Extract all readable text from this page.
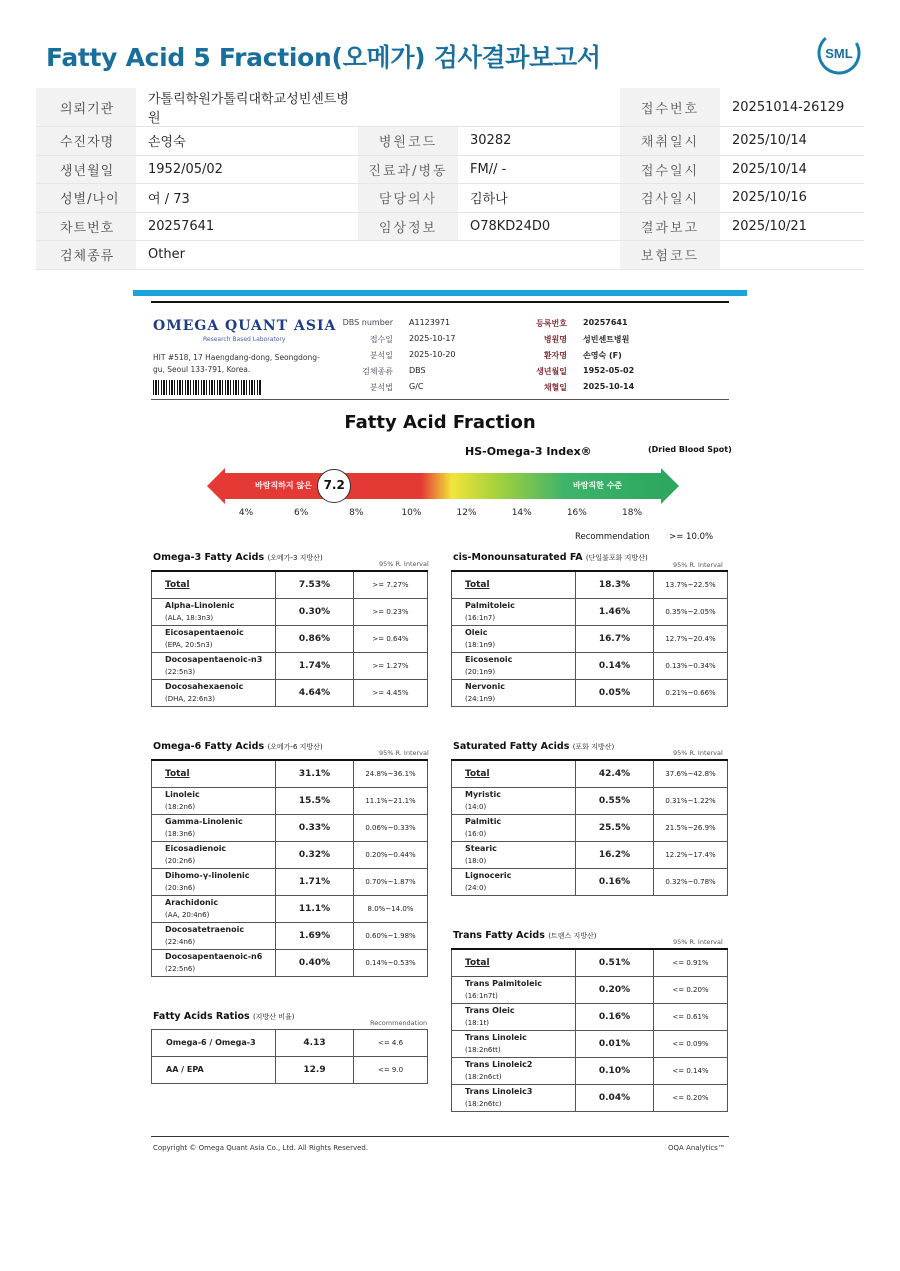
Fatty Acid 5 Fraction(오메가) 검사결과보고서	SML
의뢰기관	가톨릭학원가톨릭대학교성빈센트병원			접수번호	20251014-26129
수진자명	손영숙	병원코드	30282	채취일시	2025/10/14
생년월일	1952/05/02	진료과/병동	FM// -	접수일시	2025/10/14
성별/나이	여 / 73	담당의사	김하나	검사일시	2025/10/16
차트번호	20257641	임상정보	O78KD24D0	결과보고	2025/10/21
검체종류	Other			보험코드	
OMEGA QUANT ASIA
Research Based Laboratory
HIT #518, 17 Haengdang-dong, Seongdong-gu, Seoul 133-791, Korea.
DBS number A1123971
접수일 2025-10-17
분석일 2025-10-20
검체종류 DBS
분석법 G/C
등록번호 20257641
병원명 성빈센트병원
환자명 손영숙 (F)
생년월일 1952-05-02
채혈일 2025-10-14
Fatty Acid Fraction
HS-Omega-3 Index®	(Dried Blood Spot)
바람직하지 않은	바람직한 수준
7.2
4%	6%	8%	10%	12%	14%	16%	18%
Recommendation >= 10.0%
Omega-3 Fatty Acids (오메가-3 지방산)
95% R. Interval
Total	7.53%	>= 7.27%
Alpha-Linolenic
(ALA, 18:3n3)	0.30%	>= 0.23%
Eicosapentaenoic
(EPA, 20:5n3)	0.86%	>= 0.64%
Docosapentaenoic-n3
(22:5n3)	1.74%	>= 1.27%
Docosahexaenoic
(DHA, 22:6n3)	4.64%	>= 4.45%
cis-Monounsaturated FA (단일불포화 지방산)
95% R. Interval
Total	18.3%	13.7%~22.5%
Palmitoleic
(16:1n7)	1.46%	0.35%~2.05%
Oleic
(18:1n9)	16.7%	12.7%~20.4%
Eicosenoic
(20:1n9)	0.14%	0.13%~0.34%
Nervonic
(24:1n9)	0.05%	0.21%~0.66%
Omega-6 Fatty Acids (오메가-6 지방산)
95% R. Interval
Total	31.1%	24.8%~36.1%
Linoleic
(18:2n6)	15.5%	11.1%~21.1%
Gamma-Linolenic
(18:3n6)	0.33%	0.06%~0.33%
Eicosadienoic
(20:2n6)	0.32%	0.20%~0.44%
Dihomo-γ-linolenic
(20:3n6)	1.71%	0.70%~1.87%
Arachidonic
(AA, 20:4n6)	11.1%	8.0%~14.0%
Docosatetraenoic
(22:4n6)	1.69%	0.60%~1.98%
Docosapentaenoic-n6
(22:5n6)	0.40%	0.14%~0.53%
Saturated Fatty Acids (포화 지방산)
95% R. Interval
Total	42.4%	37.6%~42.8%
Myristic
(14:0)	0.55%	0.31%~1.22%
Palmitic
(16:0)	25.5%	21.5%~26.9%
Stearic
(18:0)	16.2%	12.2%~17.4%
Lignoceric
(24:0)	0.16%	0.32%~0.78%
Trans Fatty Acids (트랜스 지방산)
95% R. Interval
Total	0.51%	<= 0.91%
Trans Palmitoleic
(16:1n7t)	0.20%	<= 0.20%
Trans Oleic
(18:1t)	0.16%	<= 0.61%
Trans Linoleic
(18:2n6tt)	0.01%	<= 0.09%
Trans Linoleic2
(18:2n6ct)	0.10%	<= 0.14%
Trans Linoleic3
(18:2n6tc)	0.04%	<= 0.20%
Fatty Acids Ratios (지방산 비율)
Recommendation
Omega-6 / Omega-3	4.13	<= 4.6
AA / EPA	12.9	<= 9.0
Copyright © Omega Quant Asia Co., Ltd. All Rights Reserved.	OQA Analytics™
